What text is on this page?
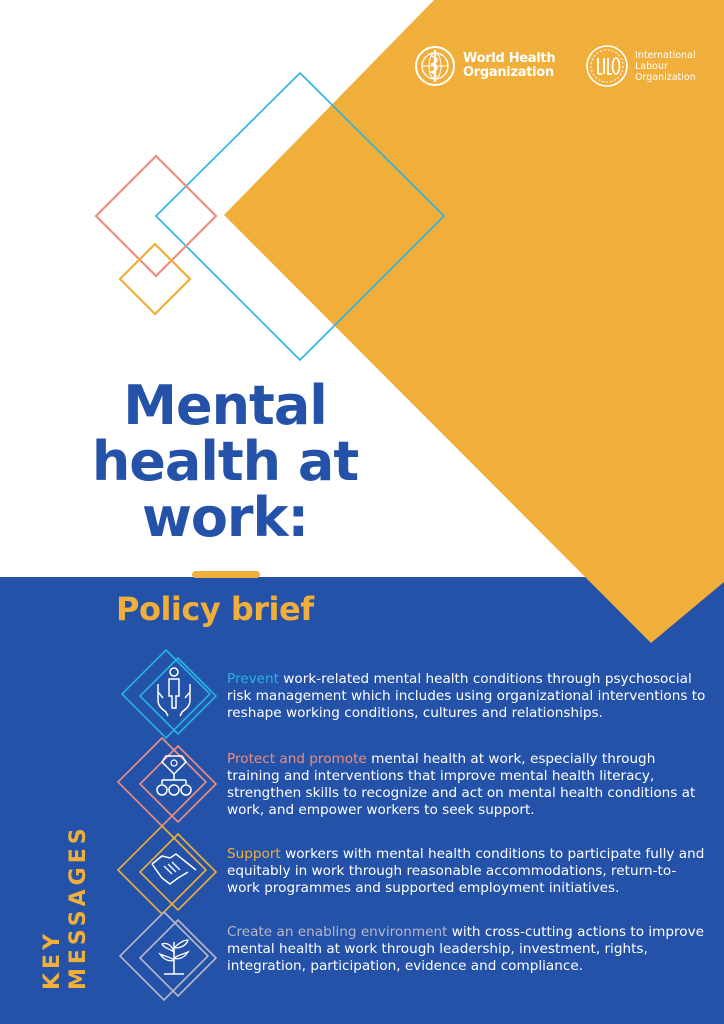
World Health
Organization
International
Labour
Organization
Mental
health at
work:
Policy brief
KEY MESSAGES

Prevent work-related mental health conditions through psychosocial risk management which includes using organizational interventions to reshape working conditions, cultures and relationships.

Protect and promote mental health at work, especially through training and interventions that improve mental health literacy, strengthen skills to recognize and act on mental health conditions at work, and empower workers to seek support.

Support workers with mental health conditions to participate fully and equitably in work through reasonable accommodations, return-to-work programmes and supported employment initiatives.

Create an enabling environment with cross-cutting actions to improve mental health at work through leadership, investment, rights, integration, participation, evidence and compliance.
